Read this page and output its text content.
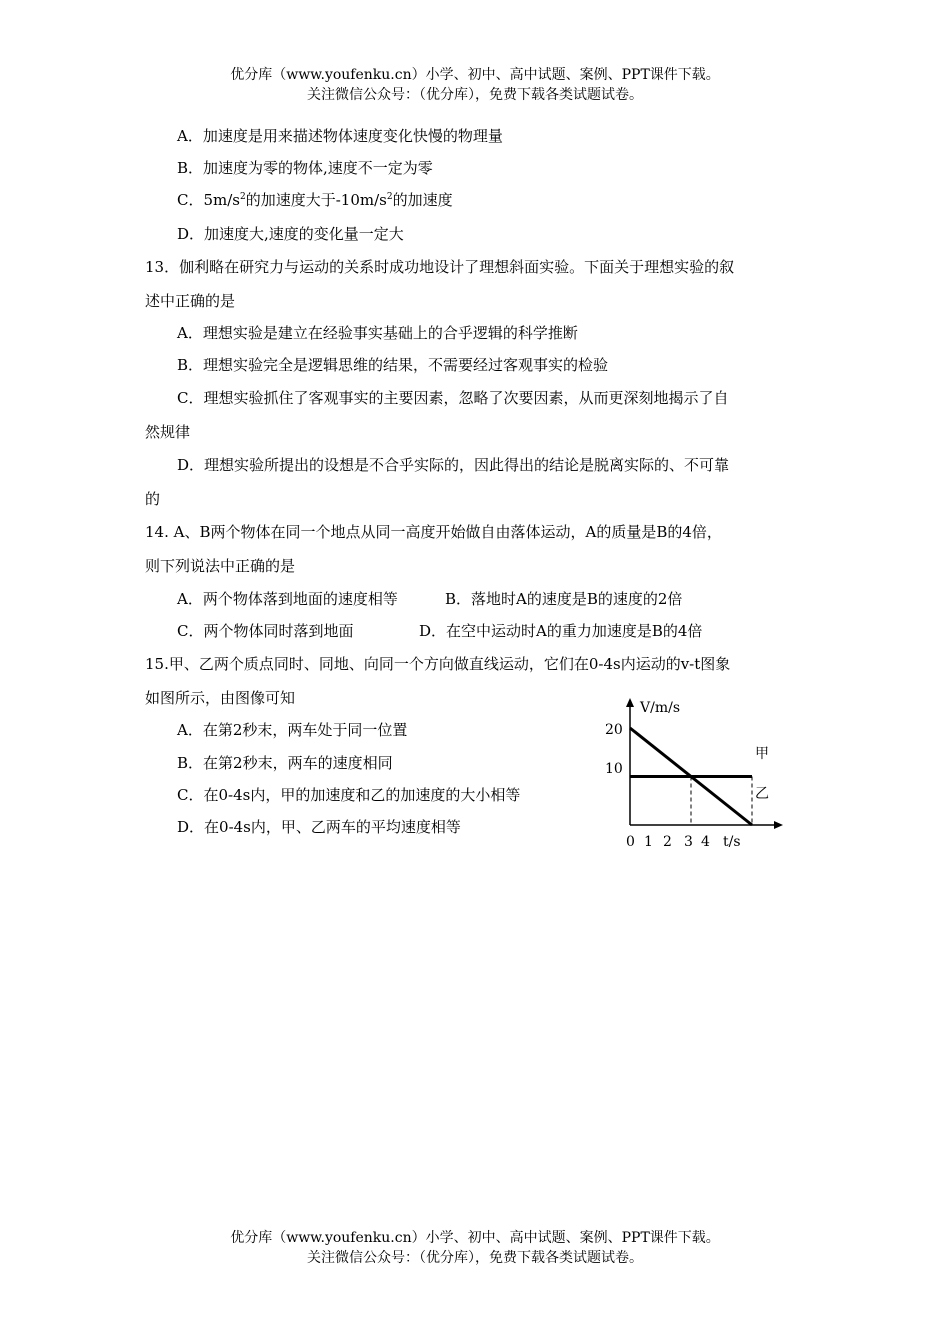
优分库（www.youfenku.cn）小学、初中、高中试题、案例、PPT课件下载。
关注微信公众号：（优分库），免费下载各类试题试卷。
A．加速度是用来描述物体速度变化快慢的物理量
B．加速度为零的物体,速度不一定为零
C．$5m/s^2$的加速度大于$-10m/s^2$的加速度
D．加速度大,速度的变化量一定大
13．伽利略在研究力与运动的关系时成功地设计了理想斜面实验。下面关于理想实验的叙
述中正确的是
A．理想实验是建立在经验事实基础上的合乎逻辑的科学推断
B．理想实验完全是逻辑思维的结果，不需要经过客观事实的检验
C．理想实验抓住了客观事实的主要因素，忽略了次要因素，从而更深刻地揭示了自
然规律
D．理想实验所提出的设想是不合乎实际的，因此得出的结论是脱离实际的、不可靠
的
14. A、B两个物体在同一个地点从同一高度开始做自由落体运动，A的质量是B的4倍，
则下列说法中正确的是
A．两个物体落到地面的速度相等	B．落地时A的速度是B的速度的2倍
C．两个物体同时落到地面	D．在空中运动时A的重力加速度是B的4倍
15.甲、乙两个质点同时、同地、向同一个方向做直线运动，它们在0-4s内运动的v-t图象
如图所示，由图像可知
A．在第2秒末，两车处于同一位置
B．在第2秒末，两车的速度相同
C．在0-4s内，甲的加速度和乙的加速度的大小相等
D．在0-4s内，甲、乙两车的平均速度相等
V/m/s
t/s
甲
乙
20
10
0 1 2 3 4
优分库（www.youfenku.cn）小学、初中、高中试题、案例、PPT课件下载。
关注微信公众号：（优分库），免费下载各类试题试卷。
